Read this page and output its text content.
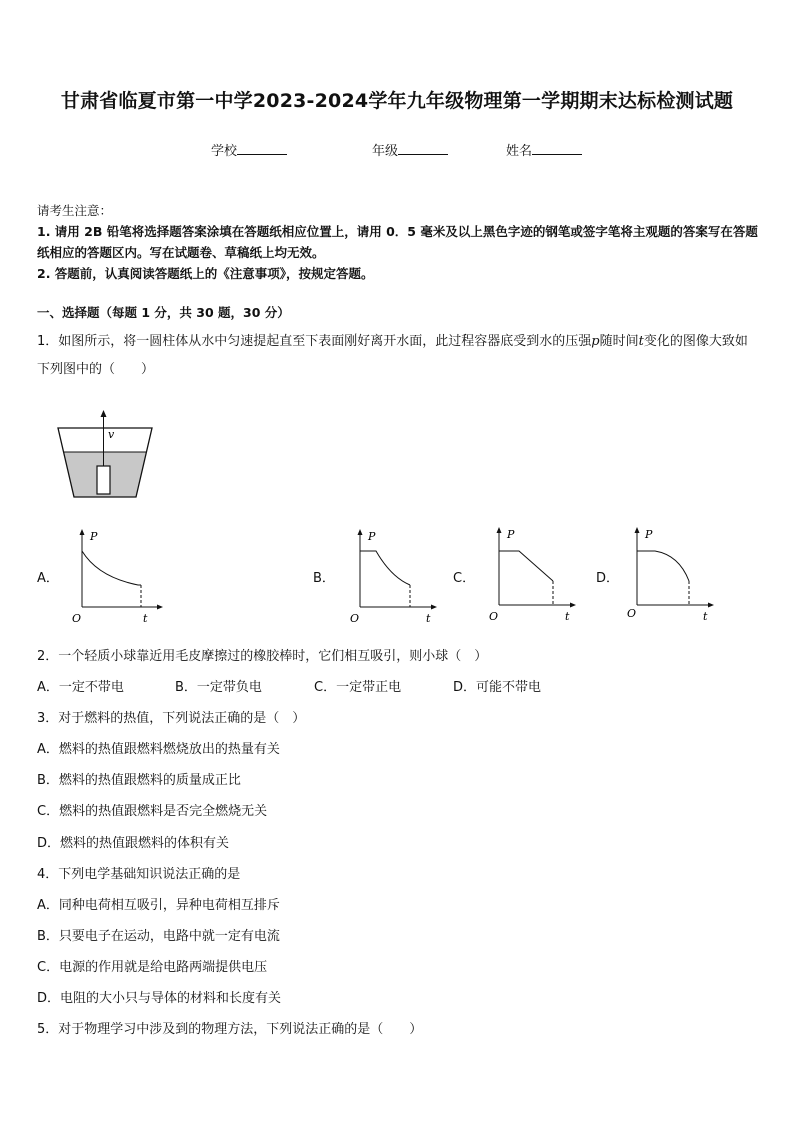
甘肃省临夏市第一中学2023-2024学年九年级物理第一学期期末达标检测试题
学校	年级	姓名
请考生注意：
1. 请用 2B 铅笔将选择题答案涂填在答题纸相应位置上，请用 0．5 毫米及以上黑色字迹的钢笔或签字笔将主观题的答案写在答题纸相应的答题区内。写在试题卷、草稿纸上均无效。
2. 答题前，认真阅读答题纸上的《注意事项》，按规定答题。
一、选择题（每题 1 分，共 30 题，30 分）
1．如图所示，将一圆柱体从水中匀速提起直至下表面刚好离开水面，此过程容器底受到水的压强p随时间t变化的图像大致如下列图中的（　　）
v
A．
P
t
O
B．
P
t
O
C．
P
t
O
D．
P
t
O
2．一个轻质小球靠近用毛皮摩擦过的橡胶棒时，它们相互吸引，则小球（　）
A．一定不带电	B．一定带负电	C．一定带正电	D．可能不带电
3．对于燃料的热值，下列说法正确的是（　）
A．燃料的热值跟燃料燃烧放出的热量有关
B．燃料的热值跟燃料的质量成正比
C．燃料的热值跟燃料是否完全燃烧无关
D．燃料的热值跟燃料的体积有关
4．下列电学基础知识说法正确的是
A．同种电荷相互吸引，异种电荷相互排斥
B．只要电子在运动，电路中就一定有电流
C．电源的作用就是给电路两端提供电压
D．电阻的大小只与导体的材料和长度有关
5．对于物理学习中涉及到的物理方法，下列说法正确的是（　　）
